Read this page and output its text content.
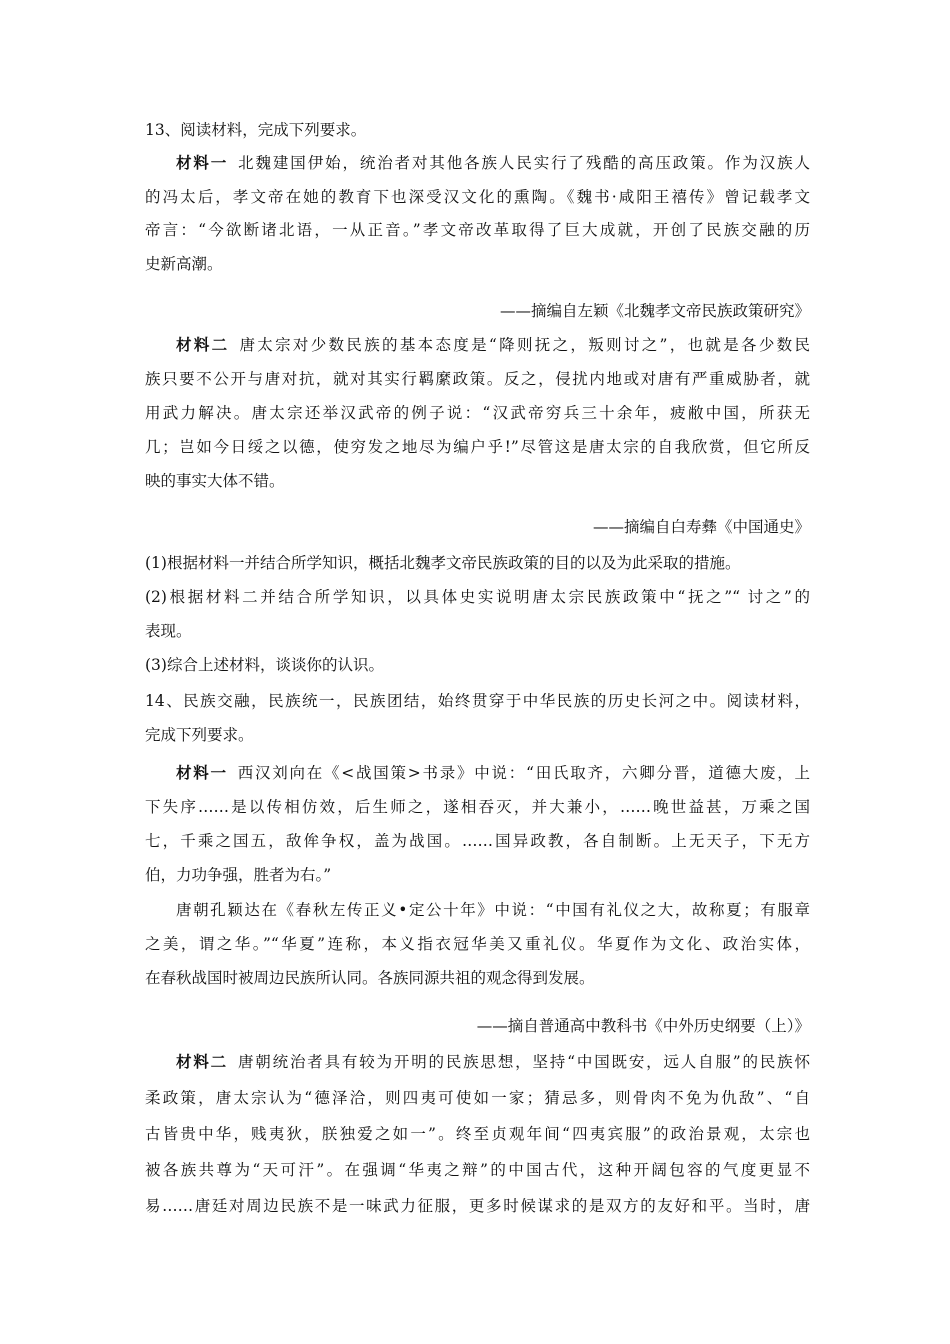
13、阅读材料，完成下列要求。
材料一 北魏建国伊始，统治者对其他各族人民实行了残酷的高压政策。作为汉族人
的冯太后，孝文帝在她的教育下也深受汉文化的熏陶。《魏书·咸阳王禧传》曾记载孝文
帝言：“今欲断诸北语，一从正音。”孝文帝改革取得了巨大成就，开创了民族交融的历
史新高潮。
——摘编自左颖《北魏孝文帝民族政策研究》
材料二 唐太宗对少数民族的基本态度是“降则抚之，叛则讨之”，也就是各少数民
族只要不公开与唐对抗，就对其实行羁縻政策。反之，侵扰内地或对唐有严重威胁者，就
用武力解决。唐太宗还举汉武帝的例子说：“汉武帝穷兵三十余年，疲敝中国，所获无
几；岂如今日绥之以德，使穷发之地尽为编户乎!”尽管这是唐太宗的自我欣赏，但它所反
映的事实大体不错。
——摘编自白寿彝《中国通史》
(1)根据材料一并结合所学知识，概括北魏孝文帝民族政策的目的以及为此采取的措施。
(2)根据材料二并结合所学知识，以具体史实说明唐太宗民族政策中“抚之”“ 讨之”的
表现。
(3)综合上述材料，谈谈你的认识。
14、民族交融，民族统一，民族团结，始终贯穿于中华民族的历史长河之中。阅读材料，
完成下列要求。
材料一 西汉刘向在《<战国策>书录》中说：“田氏取齐，六卿分晋，道德大废，上
下失序……是以传相仿效，后生师之，遂相吞灭，并大兼小，……晚世益甚，万乘之国
七，千乘之国五，敌侔争权，盖为战国。……国异政教，各自制断。上无天子，下无方
伯，力功争强，胜者为右。”
唐朝孔颖达在《春秋左传正义•定公十年》中说：“中国有礼仪之大，故称夏；有服章
之美，谓之华。”“华夏”连称，本义指衣冠华美又重礼仪。华夏作为文化、政治实体，
在春秋战国时被周边民族所认同。各族同源共祖的观念得到发展。
——摘自普通高中教科书《中外历史纲要（上）》
材料二 唐朝统治者具有较为开明的民族思想，坚持“中国既安，远人自服”的民族怀
柔政策，唐太宗认为“德泽洽，则四夷可使如一家；猜忌多，则骨肉不免为仇敌”、“自
古皆贵中华，贱夷狄，朕独爱之如一”。终至贞观年间“四夷宾服”的政治景观，太宗也
被各族共尊为“天可汗”。在强调“华夷之辩”的中国古代，这种开阔包容的气度更显不
易……唐廷对周边民族不是一味武力征服，更多时候谋求的是双方的友好和平。当时，唐
